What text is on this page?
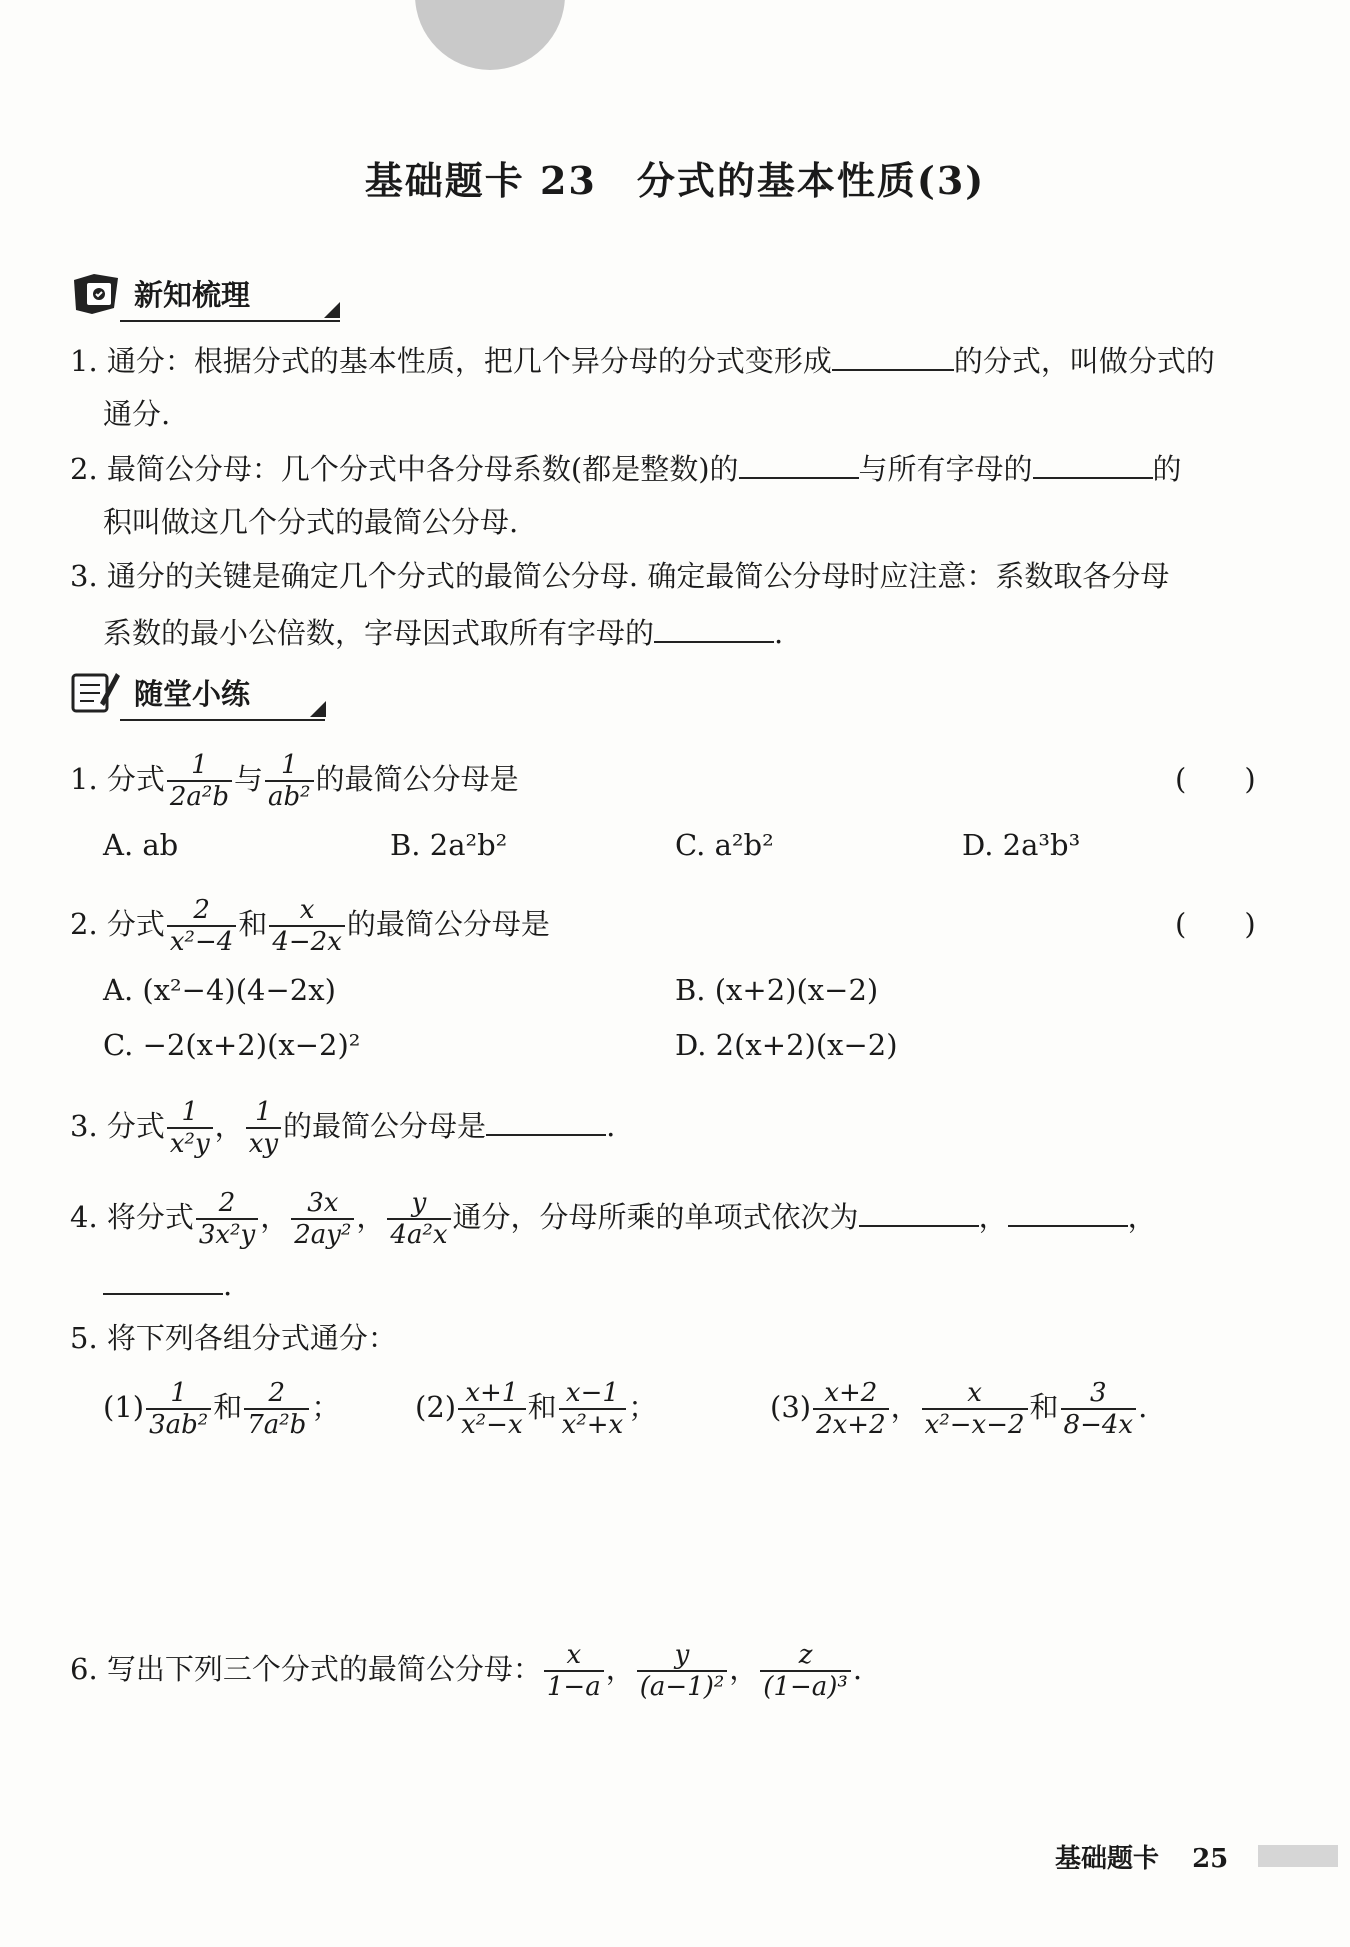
基础题卡 23　分式的基本性质(3)
新知梳理
1. 通分：根据分式的基本性质，把几个异分母的分式变形成	的分式，叫做分式的
通分.
2. 最简公分母：几个分式中各分母系数(都是整数)的	与所有字母的	的
积叫做这几个分式的最简公分母.
3. 通分的关键是确定几个分式的最简公分母. 确定最简公分母时应注意：系数取各分母
系数的最小公倍数，字母因式取所有字母的	.
随堂小练
1. 分式 $\frac{1}{\text{2a²b}}$ 与 $\frac{1}{\text{ab²}}$ 的最简公分母是	(　　)
A. ab	B. 2a²b²	C. a²b²	D. 2a³b³
2. 分式 $\frac{2}{\text{x²−4}}$ 和 $\frac{x}{4-2x}$ 的最简公分母是	(　　)
A. (x²−4)(4−2x)	B. (x+2)(x−2)
C. −2(x+2)(x−2)²	D. 2(x+2)(x−2)
3. 分式 $\frac{1}{\text{x²y}}$ ， $\frac{1}{xy}$ 的最简公分母是	.
4. 将分式 $\frac{2}{\text{3x²y}}$ ， $\frac{3x}{\text{2ay²}}$ ， $\frac{y}{\text{4a²x}}$ 通分，分母所乘的单项式依次为	，	，
.
5. 将下列各组分式通分：
$(1) \frac{1}{\text{3ab²}}$ 和 $\frac{2}{\text{7a²b}}$ ；	$(2) \frac{x+1}{\text{x²−x}}$ 和 $\frac{x-1}{\text{x²+x}}$ ；	$(3) \frac{x+2}{2x+2}$ ， $\frac{x}{\text{x²−x−2}}$ 和 $\frac{3}{8-4x}$ .
6. 写出下列三个分式的最简公分母： $\frac{x}{1-a}$ ， $\frac{y}{\text{(a−1)²}}$ ， $\frac{z}{\text{(1−a)³}}$ .
基础题卡 25
